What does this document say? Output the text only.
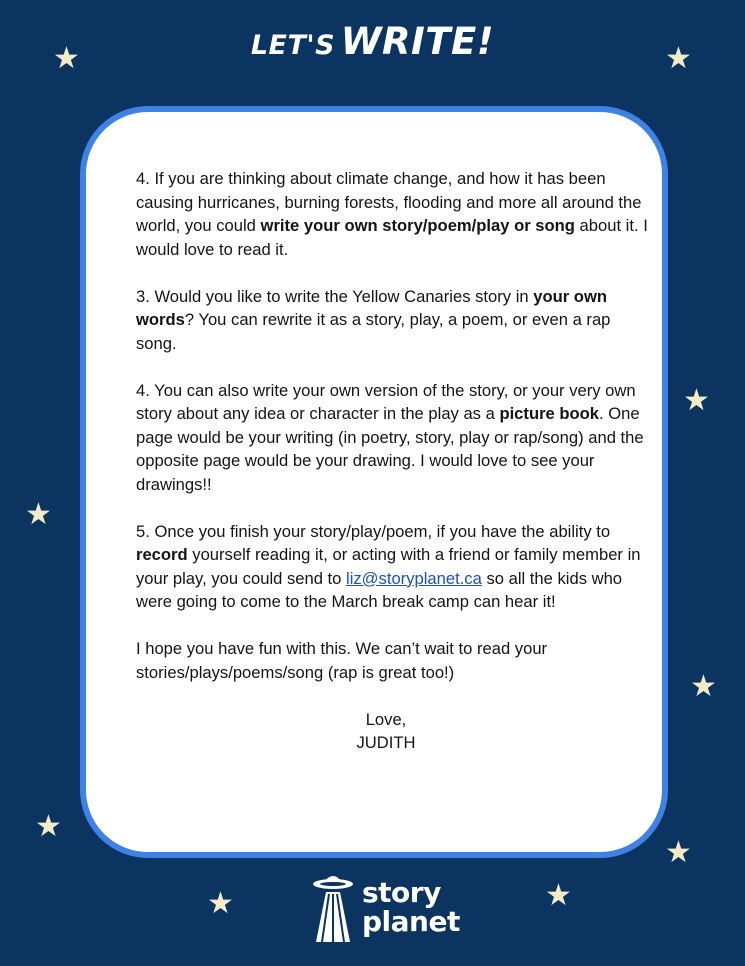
LET'S WRITE!
★	★
★
★
★
★
★
★	★

4. If you are thinking about climate change, and how it has been causing hurricanes, burning forests, flooding and more all around the world, you could write your own story/poem/play or song about it. I would love to read it.

3. Would you like to write the Yellow Canaries story in your own words? You can rewrite it as a story, play, a poem, or even a rap song.

4. You can also write your own version of the story, or your very own story about any idea or character in the play as a picture book. One page would be your writing (in poetry, story, play or rap/song) and the opposite page would be your drawing. I would love to see your drawings!!

5. Once you finish your story/play/poem, if you have the ability to record yourself reading it, or acting with a friend or family member in your play, you could send to liz@storyplanet.ca so all the kids who were going to come to the March break camp can hear it!

I hope you have fun with this. We can’t wait to read your stories/plays/poems/song (rap is great too!)

Love,
JUDITH
story
planet
